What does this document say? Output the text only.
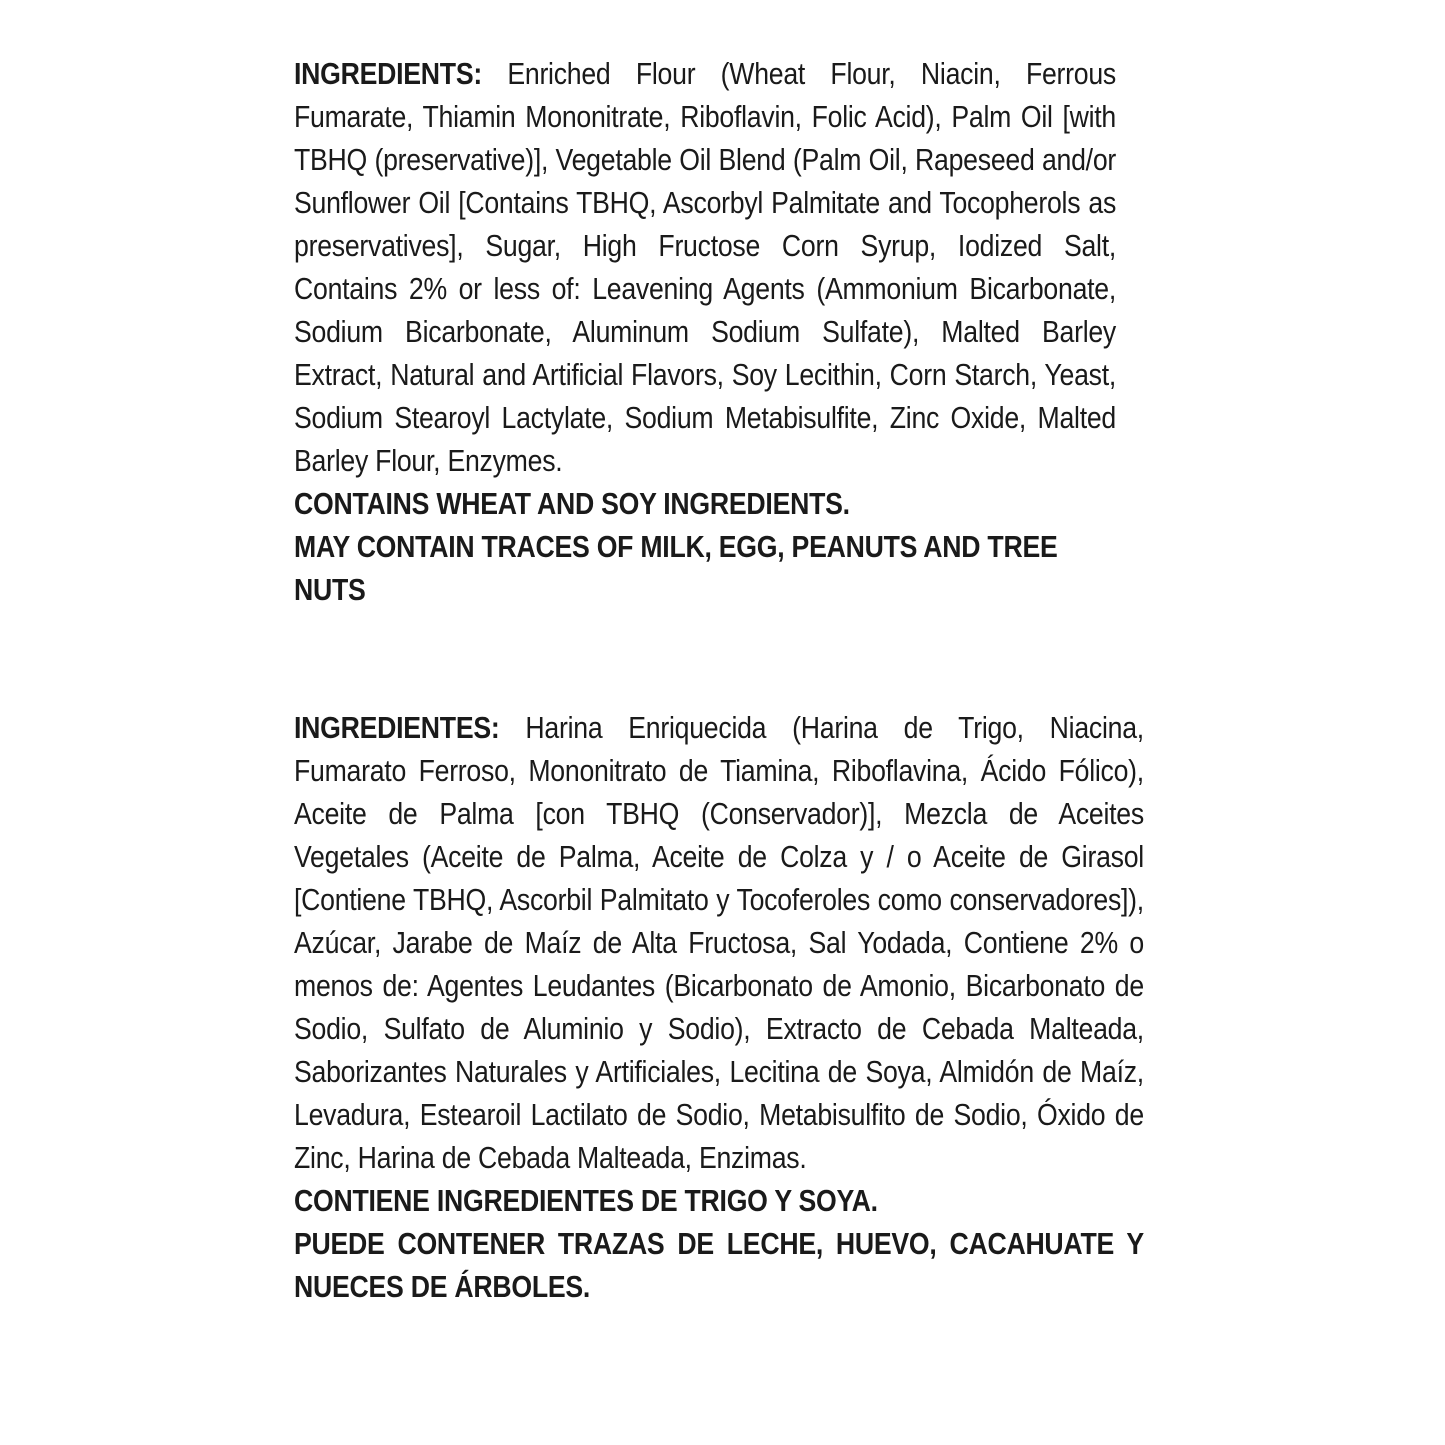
INGREDIENTS: Enriched Flour (Wheat Flour, Niacin, Ferrous Fumarate, Thiamin Mononitrate, Riboflavin, Folic Acid), Palm Oil [with TBHQ (preservative)], Vegetable Oil Blend (Palm Oil, Rapeseed and/or Sunflower Oil [Contains TBHQ, Ascorbyl Palmitate and Tocopherols as preservatives], Sugar, High Fructose Corn Syrup, Iodized Salt, Contains 2% or less of: Leavening Agents (Ammonium Bicarbonate, Sodium Bicarbonate, Aluminum Sodium Sulfate), Malted Barley Extract, Natural and Artificial Flavors, Soy Lecithin, Corn Starch, Yeast, Sodium Stearoyl Lactylate, Sodium Metabisulfite, Zinc Oxide, Malted Barley Flour, Enzymes.

CONTAINS WHEAT AND SOY INGREDIENTS.

MAY CONTAIN TRACES OF MILK, EGG, PEANUTS AND TREE NUTS

INGREDIENTES: Harina Enriquecida (Harina de Trigo, Niacina, Fumarato Ferroso, Mononitrato de Tiamina, Riboflavina, Ácido Fólico), Aceite de Palma [con TBHQ (Conservador)], Mezcla de Aceites Vegetales (Aceite de Palma, Aceite de Colza y / o Aceite de Girasol [Contiene TBHQ, Ascorbil Palmitato y Tocoferoles como conservadores]), Azúcar, Jarabe de Maíz de Alta Fructosa, Sal Yodada, Contiene 2% o menos de: Agentes Leudantes (Bicarbonato de Amonio, Bicarbonato de Sodio, Sulfato de Aluminio y Sodio), Extracto de Cebada Malteada, Saborizantes Naturales y Artificiales, Lecitina de Soya, Almidón de Maíz, Levadura, Estearoil Lactilato de Sodio, Metabisulfito de Sodio, Óxido de Zinc, Harina de Cebada Malteada, Enzimas.

CONTIENE INGREDIENTES DE TRIGO Y SOYA.

PUEDE CONTENER TRAZAS DE LECHE, HUEVO, CACAHUATE Y NUECES DE ÁRBOLES.
